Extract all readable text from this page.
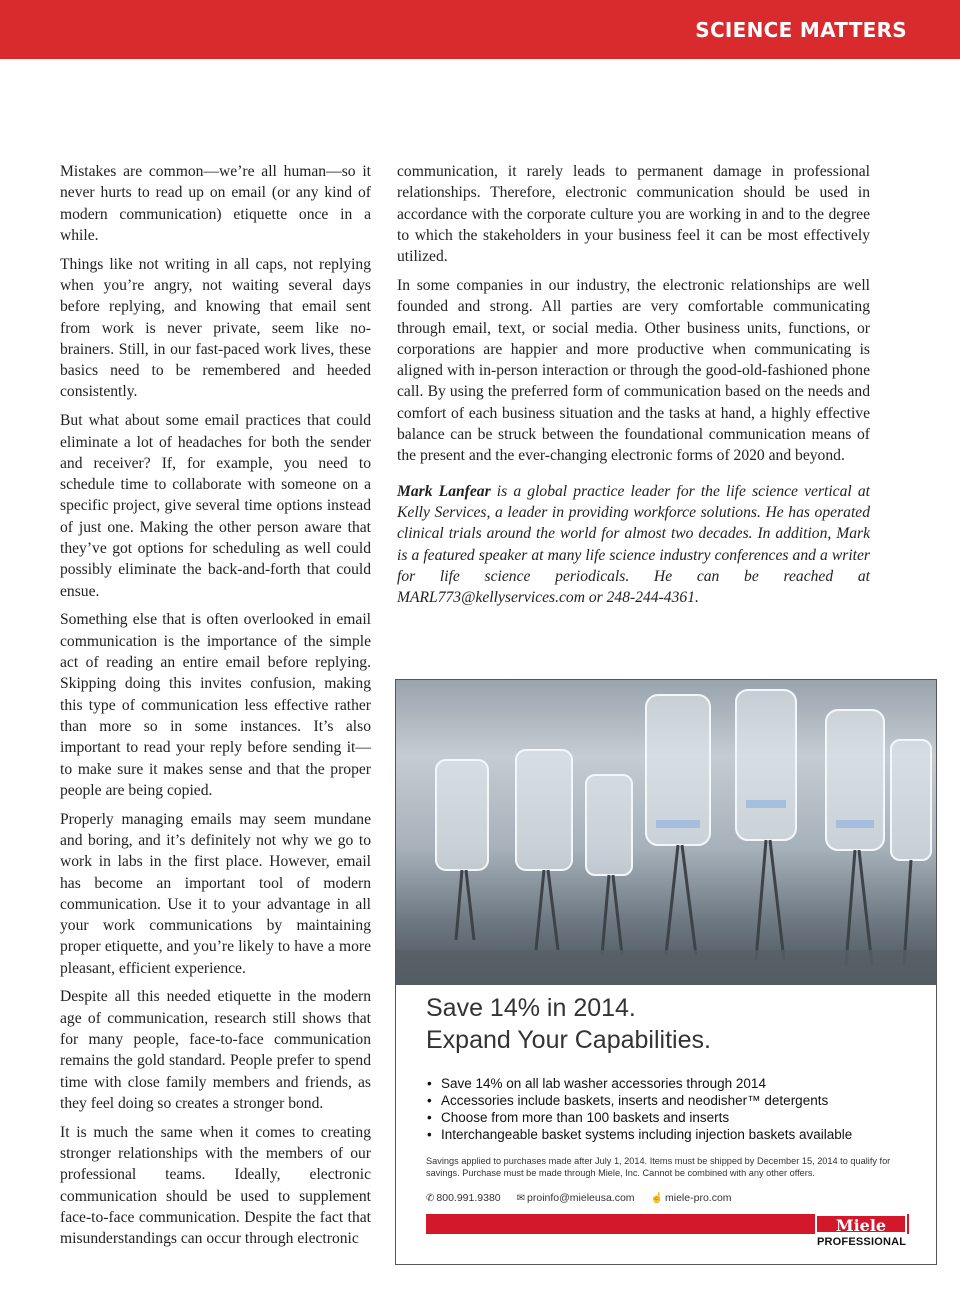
SCIENCE MATTERS

Mistakes are common—we’re all human—so it never hurts to read up on email (or any kind of modern communication) etiquette once in a while.

Things like not writing in all caps, not replying when you’re angry, not waiting several days before replying, and knowing that email sent from work is never private, seem like no-brainers. Still, in our fast-paced work lives, these basics need to be remembered and heeded consistently.

But what about some email practices that could eliminate a lot of headaches for both the sender and receiver? If, for example, you need to schedule time to collaborate with someone on a specific project, give several time options instead of just one. Making the other person aware that they’ve got options for scheduling as well could possibly eliminate the back-and-forth that could ensue.

Something else that is often overlooked in email communication is the importance of the simple act of reading an entire email before replying. Skipping doing this invites confusion, making this type of communication less effective rather than more so in some instances. It’s also important to read your reply before sending it—to make sure it makes sense and that the proper people are being copied.

Properly managing emails may seem mundane and boring, and it’s definitely not why we go to work in labs in the first place. However, email has become an important tool of modern communication. Use it to your advantage in all your work communications by maintaining proper etiquette, and you’re likely to have a more pleasant, efficient experience.

Despite all this needed etiquette in the modern age of communication, research still shows that for many people, face-to-face communication remains the gold standard. People prefer to spend time with close family members and friends, as they feel doing so creates a stronger bond.

It is much the same when it comes to creating stronger relationships with the members of our professional teams. Ideally, electronic communication should be used to supplement face-to-face communication. Despite the fact that misunderstandings can occur through electronic

communication, it rarely leads to permanent damage in professional relationships. Therefore, electronic communication should be used in accordance with the corporate culture you are working in and to the degree to which the stakeholders in your business feel it can be most effectively utilized.

In some companies in our industry, the electronic relationships are well founded and strong. All parties are very comfortable communicating through email, text, or social media. Other business units, functions, or corporations are happier and more productive when communicating is aligned with in-person interaction or through the good-old-fashioned phone call. By using the preferred form of communication based on the needs and comfort of each business situation and the tasks at hand, a highly effective balance can be struck between the foundational communication means of the present and the ever-changing electronic forms of 2020 and beyond.

Mark Lanfear is a global practice leader for the life science vertical at Kelly Services, a leader in providing workforce solutions. He has operated clinical trials around the world for almost two decades. In addition, Mark is a featured speaker at many life science industry conferences and a writer for life science periodicals. He can be reached at MARL773@kellyservices.com or 248-244-4361.

Save 14% in 2014.
Expand Your Capabilities.
• Save 14% on all lab washer accessories through 2014
• Accessories include baskets, inserts and neodisher™ detergents
• Choose from more than 100 baskets and inserts
• Interchangeable basket systems including injection baskets available
Savings applied to purchases made after July 1, 2014. Items must be shipped by December 15, 2014 to qualify for savings. Purchase must be made through Miele, Inc. Cannot be combined with any other offers.
✆ 800.991.9380 ✉ proinfo@mieleusa.com ☝ miele-pro.com
Miele
PROFESSIONAL
